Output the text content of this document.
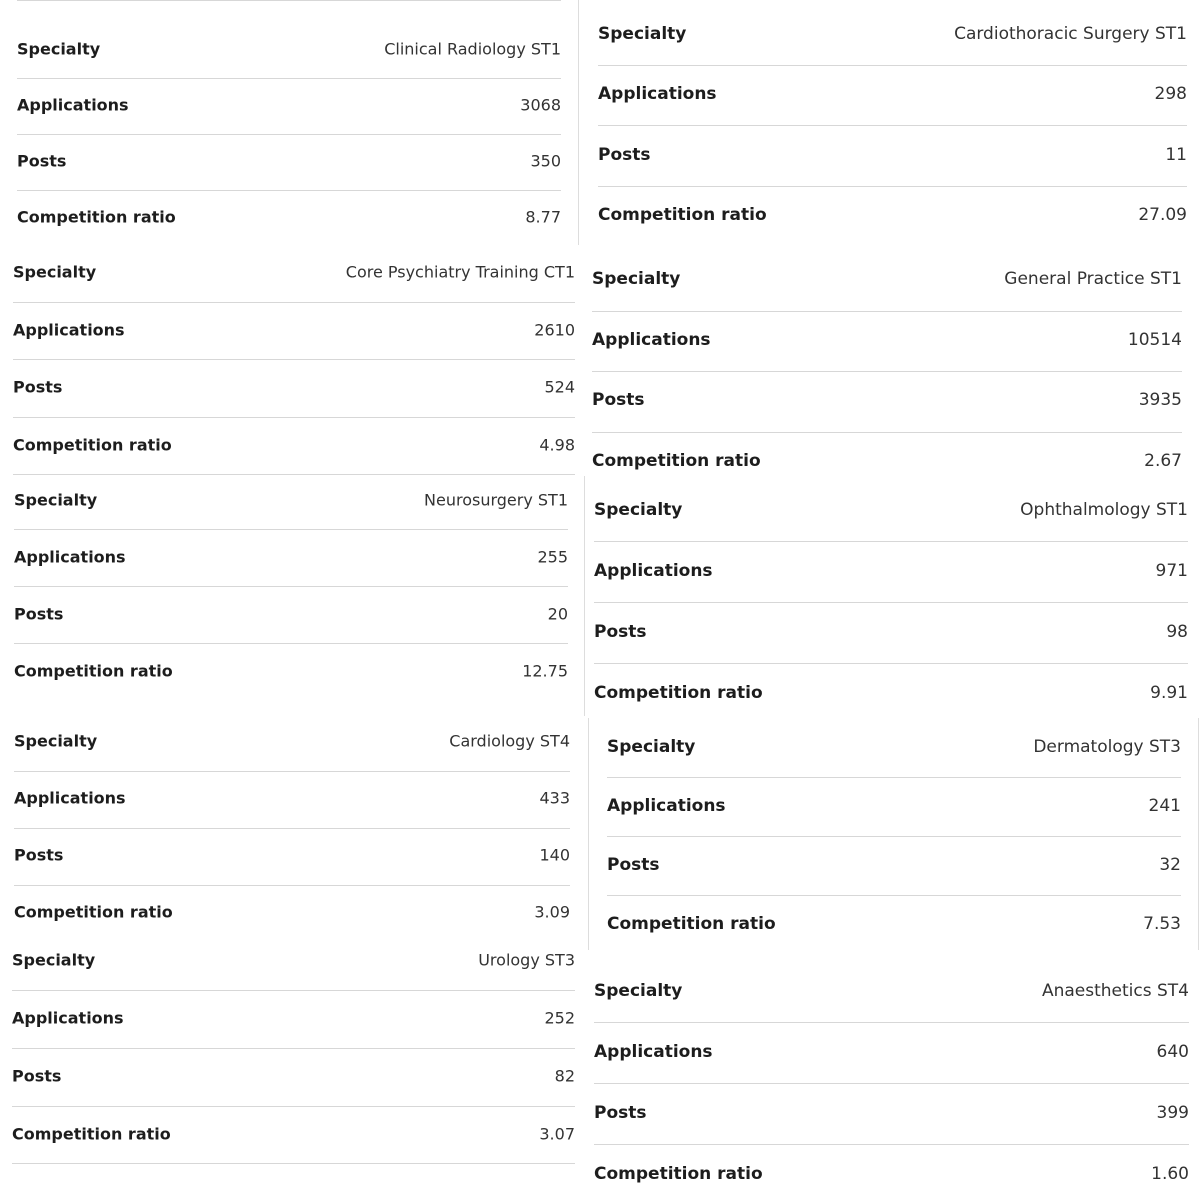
Specialty	Clinical Radiology ST1
Applications	3068
Posts	350
Competition ratio	8.77
Specialty	Cardiothoracic Surgery ST1
Applications	298
Posts	11
Competition ratio	27.09
Specialty	Core Psychiatry Training CT1
Applications	2610
Posts	524
Competition ratio	4.98
Specialty	General Practice ST1
Applications	10514
Posts	3935
Competition ratio	2.67
Specialty	Neurosurgery ST1
Applications	255
Posts	20
Competition ratio	12.75
Specialty	Ophthalmology ST1
Applications	971
Posts	98
Competition ratio	9.91
Specialty	Cardiology ST4
Applications	433
Posts	140
Competition ratio	3.09
Specialty	Dermatology ST3
Applications	241
Posts	32
Competition ratio	7.53
Specialty	Urology ST3
Applications	252
Posts	82
Competition ratio	3.07
Specialty	Anaesthetics ST4
Applications	640
Posts	399
Competition ratio	1.60
